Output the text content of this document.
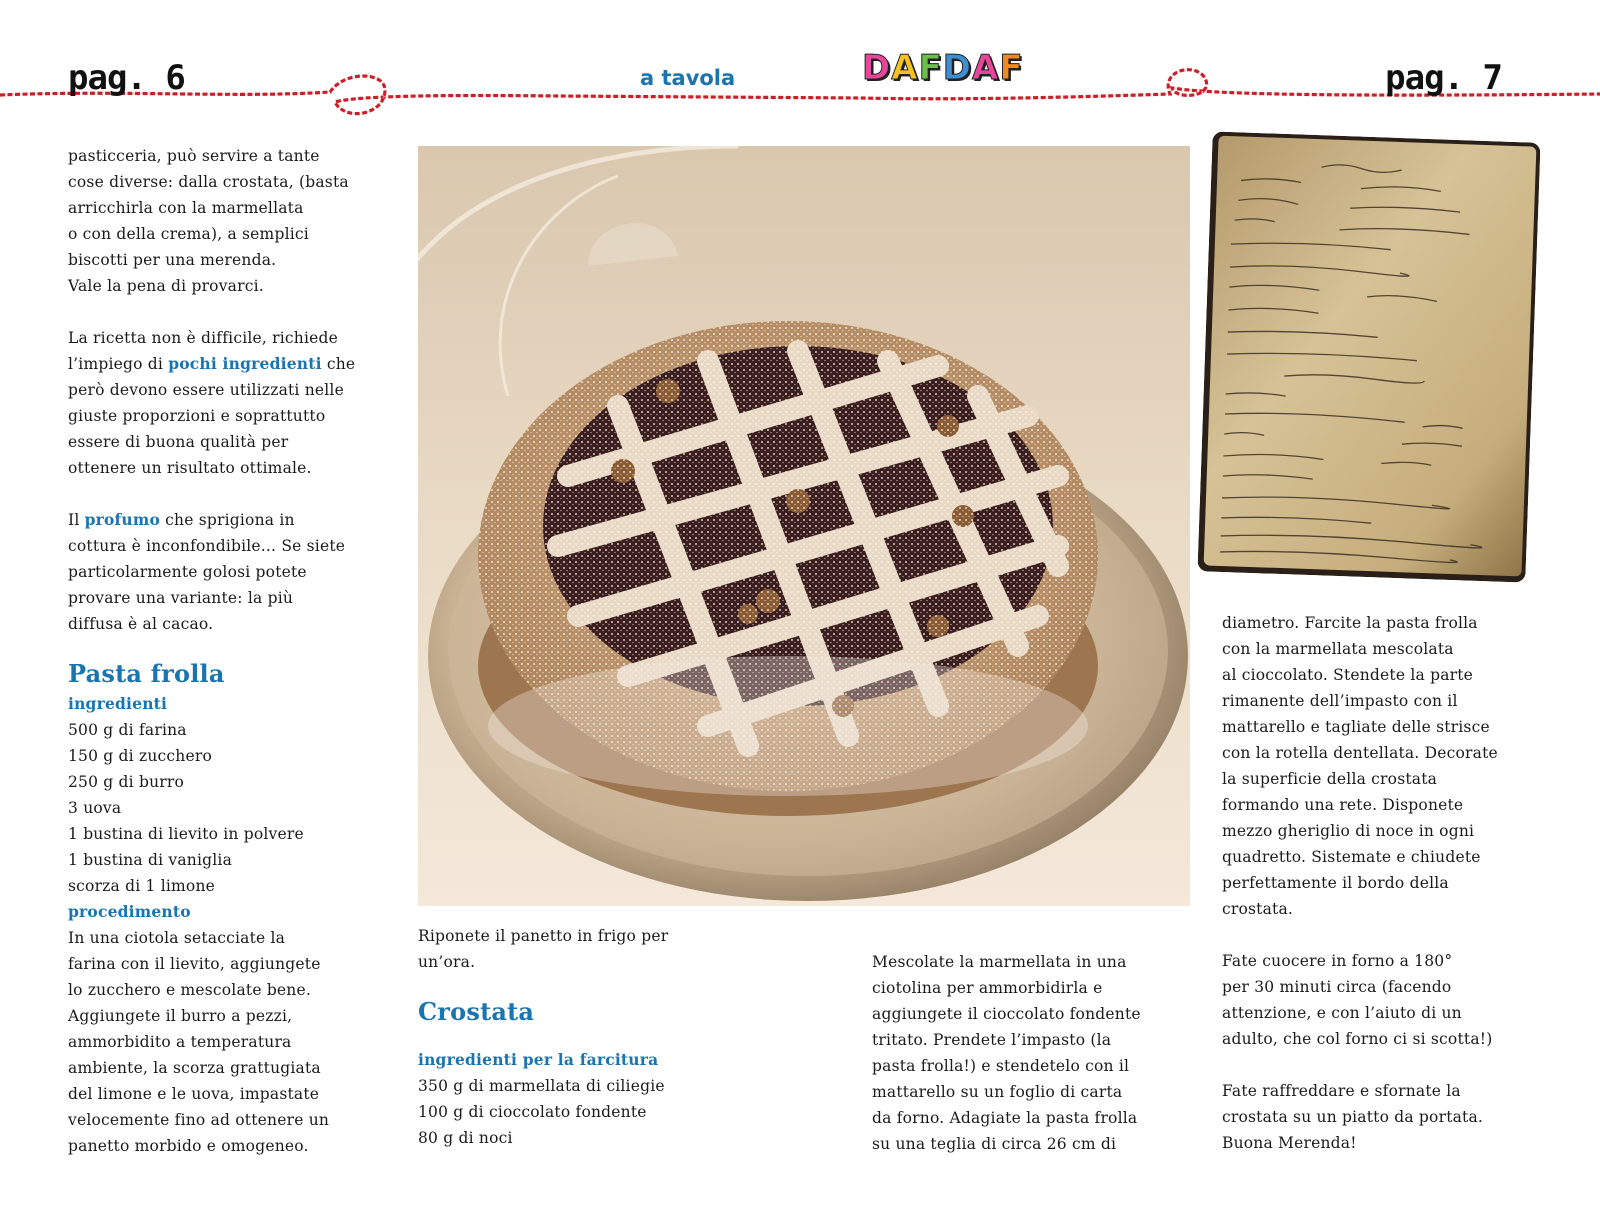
pag. 6	pag. 7
a tavola	DAFDAF

pasticceria, può servire a tante

cose diverse: dalla crostata, (basta

arricchirla con la marmellata

o con della crema), a semplici

biscotti per una merenda.

Vale la pena di provarci.

La ricetta non è difficile, richiede

l’impiego di pochi ingredienti che

però devono essere utilizzati nelle

giuste proporzioni e soprattutto

essere di buona qualità per

ottenere un risultato ottimale.

Il profumo che sprigiona in

cottura è inconfondibile... Se siete

particolarmente golosi potete

provare una variante: la più

diffusa è al cacao.

Pasta frolla

ingredienti

500 g di farina

150 g di zucchero

250 g di burro

3 uova

1 bustina di lievito in polvere

1 bustina di vaniglia

scorza di 1 limone

procedimento

In una ciotola setacciate la

farina con il lievito, aggiungete

lo zucchero e mescolate bene.

Aggiungete il burro a pezzi,

ammorbidito a temperatura

ambiente, la scorza grattugiata

del limone e le uova, impastate

velocemente fino ad ottenere un

panetto morbido e omogeneo.

Riponete il panetto in frigo per

un’ora.

Crostata

ingredienti per la farcitura

350 g di marmellata di ciliegie

100 g di cioccolato fondente

80 g di noci

Mescolate la marmellata in una

ciotolina per ammorbidirla e

aggiungete il cioccolato fondente

tritato. Prendete l’impasto (la

pasta frolla!) e stendetelo con il

mattarello su un foglio di carta

da forno. Adagiate la pasta frolla

su una teglia di circa 26 cm di

diametro. Farcite la pasta frolla

con la marmellata mescolata

al cioccolato. Stendete la parte

rimanente dell’impasto con il

mattarello e tagliate delle strisce

con la rotella dentellata. Decorate

la superficie della crostata

formando una rete. Disponete

mezzo gheriglio di noce in ogni

quadretto. Sistemate e chiudete

perfettamente il bordo della

crostata.

Fate cuocere in forno a 180°

per 30 minuti circa (facendo

attenzione, e con l’aiuto di un

adulto, che col forno ci si scotta!)

Fate raffreddare e sfornate la

crostata su un piatto da portata.

Buona Merenda!
